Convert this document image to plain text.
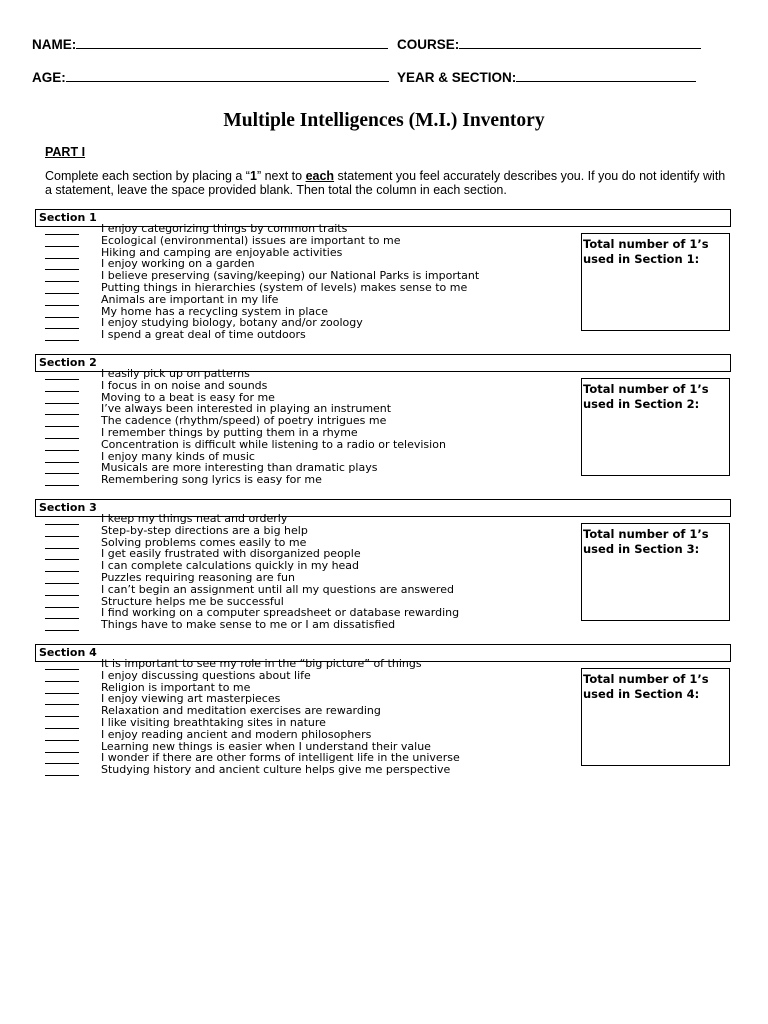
NAME:	COURSE:
AGE:	YEAR & SECTION:
Multiple Intelligences (M.I.) Inventory
PART I
Complete each section by placing a “1” next to each statement you feel accurately describes you. If you do not identify with a statement, leave the space provided blank. Then total the column in each section.
Section 1
I enjoy categorizing things by common traits
Ecological (environmental) issues are important to me
Hiking and camping are enjoyable activities
I enjoy working on a garden
I believe preserving (saving/keeping) our National Parks is important
Putting things in hierarchies (system of levels) makes sense to me
Animals are important in my life
My home has a recycling system in place
I enjoy studying biology, botany and/or zoology
I spend a great deal of time outdoors
Total number of 1’s
used in Section 1:
Section 2
I easily pick up on patterns
I focus in on noise and sounds
Moving to a beat is easy for me
I’ve always been interested in playing an instrument
The cadence (rhythm/speed) of poetry intrigues me
I remember things by putting them in a rhyme
Concentration is difficult while listening to a radio or television
I enjoy many kinds of music
Musicals are more interesting than dramatic plays
Remembering song lyrics is easy for me
Total number of 1’s
used in Section 2:
Section 3
I keep my things neat and orderly
Step-by-step directions are a big help
Solving problems comes easily to me
I get easily frustrated with disorganized people
I can complete calculations quickly in my head
Puzzles requiring reasoning are fun
I can’t begin an assignment until all my questions are answered
Structure helps me be successful
I find working on a computer spreadsheet or database rewarding
Things have to make sense to me or I am dissatisfied
Total number of 1’s
used in Section 3:
Section 4
It is important to see my role in the “big picture” of things
I enjoy discussing questions about life
Religion is important to me
I enjoy viewing art masterpieces
Relaxation and meditation exercises are rewarding
I like visiting breathtaking sites in nature
I enjoy reading ancient and modern philosophers
Learning new things is easier when I understand their value
I wonder if there are other forms of intelligent life in the universe
Studying history and ancient culture helps give me perspective
Total number of 1’s
used in Section 4:
